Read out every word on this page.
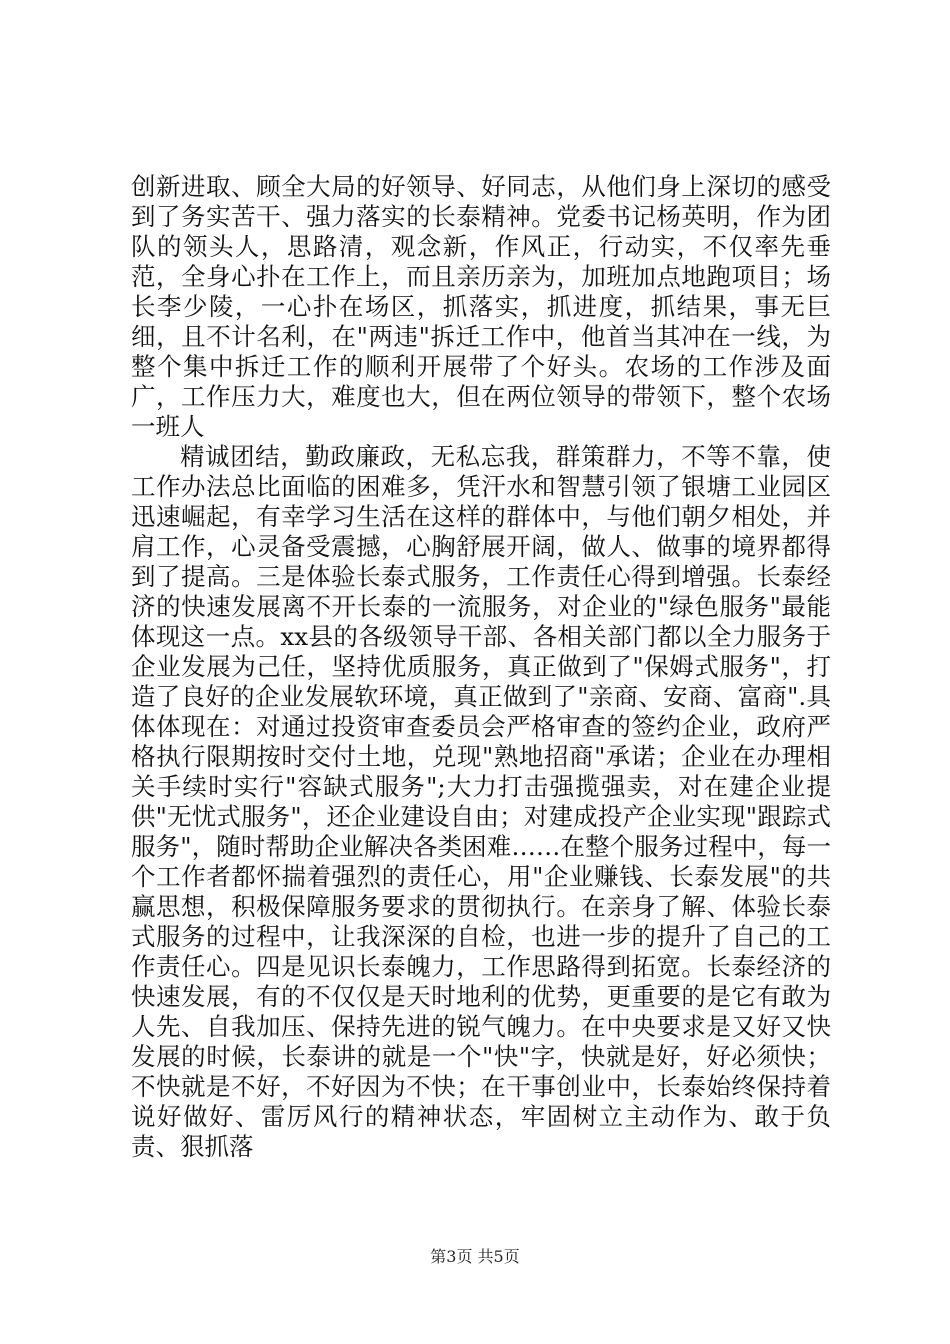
创新进取、顾全大局的好领导、好同志，从他们身上深切的感受到了务实苦干、强力落实的长泰精神。党委书记杨英明，作为团队的领头人，思路清，观念新，作风正，行动实，不仅率先垂范，全身心扑在工作上，而且亲历亲为，加班加点地跑项目；场长李少陵，一心扑在场区，抓落实，抓进度，抓结果，事无巨细，且不计名利，在"两违"拆迁工作中，他首当其冲在一线，为整个集中拆迁工作的顺利开展带了个好头。农场的工作涉及面广，工作压力大，难度也大，但在两位领导的带领下，整个农场一班人

精诚团结，勤政廉政，无私忘我，群策群力，不等不靠，使工作办法总比面临的困难多，凭汗水和智慧引领了银塘工业园区迅速崛起，有幸学习生活在这样的群体中，与他们朝夕相处，并肩工作，心灵备受震撼，心胸舒展开阔，做人、做事的境界都得到了提高。三是体验长泰式服务，工作责任心得到增强。长泰经济的快速发展离不开长泰的一流服务，对企业的"绿色服务"最能体现这一点。xx县的各级领导干部、各相关部门都以全力服务于企业发展为己任，坚持优质服务，真正做到了"保姆式服务"，打造了良好的企业发展软环境，真正做到了"亲商、安商、富商".具体体现在：对通过投资审查委员会严格审查的签约企业，政府严格执行限期按时交付土地，兑现"熟地招商"承诺；企业在办理相关手续时实行"容缺式服务";大力打击强揽强卖，对在建企业提供"无忧式服务"，还企业建设自由；对建成投产企业实现"跟踪式服务"，随时帮助企业解决各类困难……在整个服务过程中，每一个工作者都怀揣着强烈的责任心，用"企业赚钱、长泰发展"的共赢思想，积极保障服务要求的贯彻执行。在亲身了解、体验长泰式服务的过程中，让我深深的自检，也进一步的提升了自己的工作责任心。四是见识长泰魄力，工作思路得到拓宽。长泰经济的快速发展，有的不仅仅是天时地利的优势，更重要的是它有敢为人先、自我加压、保持先进的锐气魄力。在中央要求是又好又快发展的时候，长泰讲的就是一个"快"字，快就是好，好必须快；不快就是不好，不好因为不快；在干事创业中，长泰始终保持着说好做好、雷厉风行的精神状态，牢固树立主动作为、敢于负责、狠抓落

第3页 共5页
